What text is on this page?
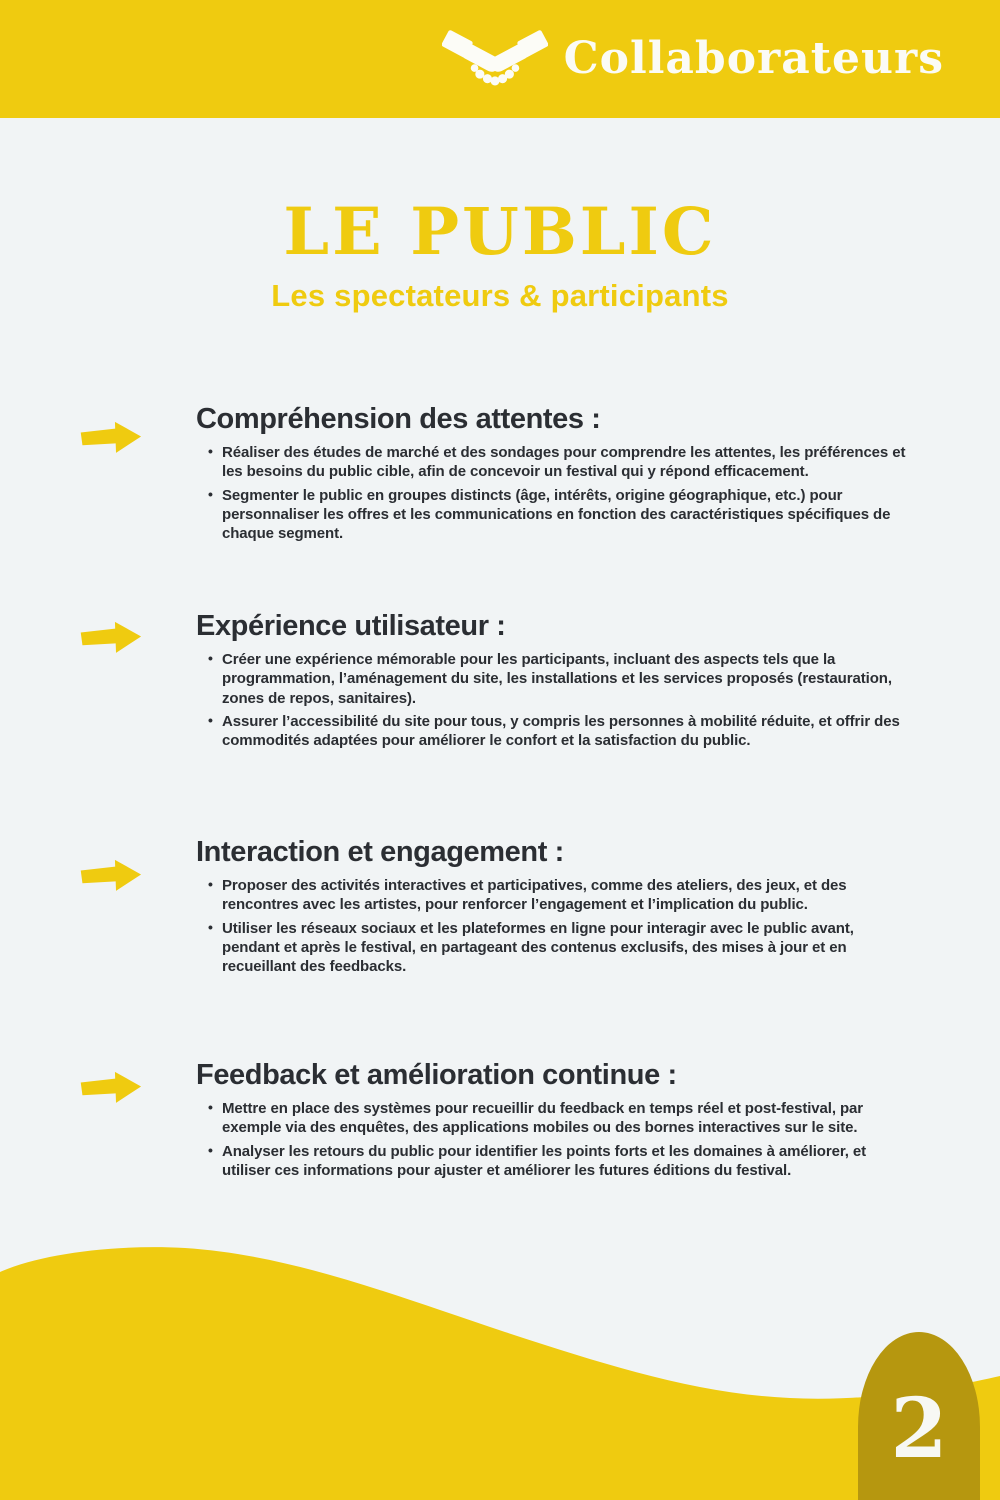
Collaborateurs
LE PUBLIC
Les spectateurs & participants
Compréhension des attentes :
• Réaliser des études de marché et des sondages pour comprendre les attentes, les préférences et les besoins du public cible, afin de concevoir un festival qui y répond efficacement.
• Segmenter le public en groupes distincts (âge, intérêts, origine géographique, etc.) pour personnaliser les offres et les communications en fonction des caractéristiques spécifiques de chaque segment.
Expérience utilisateur :
• Créer une expérience mémorable pour les participants, incluant des aspects tels que la programmation, l’aménagement du site, les installations et les services proposés (restauration, zones de repos, sanitaires).
• Assurer l’accessibilité du site pour tous, y compris les personnes à mobilité réduite, et offrir des commodités adaptées pour améliorer le confort et la satisfaction du public.
Interaction et engagement :
• Proposer des activités interactives et participatives, comme des ateliers, des jeux, et des rencontres avec les artistes, pour renforcer l’engagement et l’implication du public.
• Utiliser les réseaux sociaux et les plateformes en ligne pour interagir avec le public avant, pendant et après le festival, en partageant des contenus exclusifs, des mises à jour et en recueillant des feedbacks.
Feedback et amélioration continue :
• Mettre en place des systèmes pour recueillir du feedback en temps réel et post-festival, par exemple via des enquêtes, des applications mobiles ou des bornes interactives sur le site.
• Analyser les retours du public pour identifier les points forts et les domaines à améliorer, et utiliser ces informations pour ajuster et améliorer les futures éditions du festival.
2
